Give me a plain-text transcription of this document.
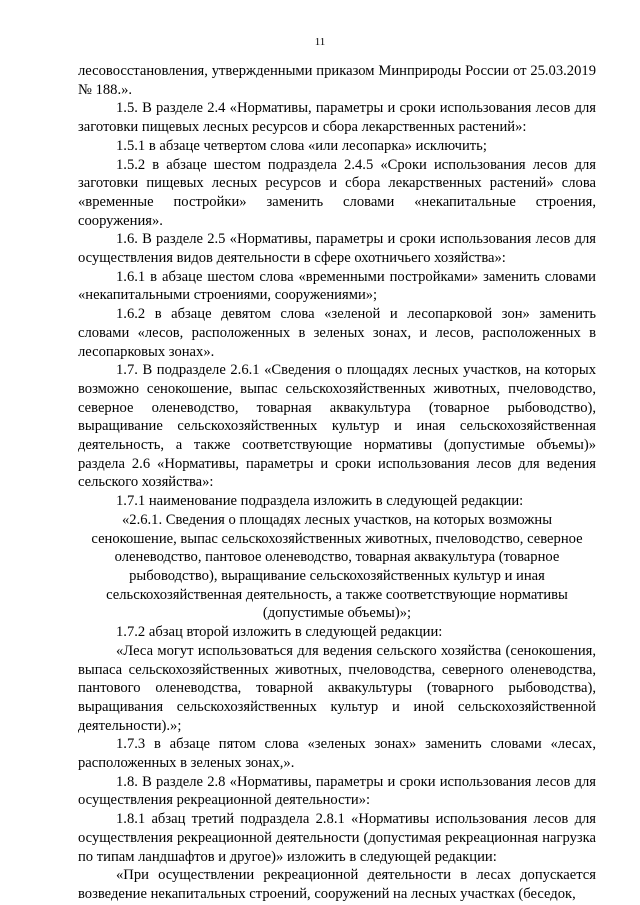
11

лесовосстановления, утвержденными приказом Минприроды России от 25.03.2019 № 188.».

1.5. В разделе 2.4 «Нормативы, параметры и сроки использования лесов для заготовки пищевых лесных ресурсов и сбора лекарственных растений»:

1.5.1 в абзаце четвертом слова «или лесопарка» исключить;

1.5.2 в абзаце шестом подраздела 2.4.5 «Сроки использования лесов для заготовки пищевых лесных ресурсов и сбора лекарственных растений» слова «временные постройки» заменить словами «некапитальные строения, сооружения».

1.6. В разделе 2.5 «Нормативы, параметры и сроки использования лесов для осуществления видов деятельности в сфере охотничьего хозяйства»:

1.6.1 в абзаце шестом слова «временными постройками» заменить словами «некапитальными строениями, сооружениями»;

1.6.2 в абзаце девятом слова «зеленой и лесопарковой зон» заменить словами «лесов, расположенных в зеленых зонах, и лесов, расположенных в лесопарковых зонах».

1.7. В подразделе 2.6.1 «Сведения о площадях лесных участков, на которых возможно сенокошение, выпас сельскохозяйственных животных, пчеловодство, северное оленеводство, товарная аквакультура (товарное рыбоводство), выращивание сельскохозяйственных культур и иная сельскохозяйственная деятельность, а также соответствующие нормативы (допустимые объемы)» раздела 2.6 «Нормативы, параметры и сроки использования лесов для ведения сельского хозяйства»:

1.7.1 наименование подраздела изложить в следующей редакции:

«2.6.1. Сведения о площадях лесных участков, на которых возможны сенокошение, выпас сельскохозяйственных животных, пчеловодство, северное оленеводство, пантовое оленеводство, товарная аквакультура (товарное рыбоводство), выращивание сельскохозяйственных культур и иная сельскохозяйственная деятельность, а также соответствующие нормативы (допустимые объемы)»;

1.7.2 абзац второй изложить в следующей редакции:

«Леса могут использоваться для ведения сельского хозяйства (сенокошения, выпаса сельскохозяйственных животных, пчеловодства, северного оленеводства, пантового оленеводства, товарной аквакультуры (товарного рыбоводства), выращивания сельскохозяйственных культур и иной сельскохозяйственной деятельности).»;

1.7.3 в абзаце пятом слова «зеленых зонах» заменить словами «лесах, расположенных в зеленых зонах,».

1.8. В разделе 2.8 «Нормативы, параметры и сроки использования лесов для осуществления рекреационной деятельности»:

1.8.1 абзац третий подраздела 2.8.1 «Нормативы использования лесов для осуществления рекреационной деятельности (допустимая рекреационная нагрузка по типам ландшафтов и другое)» изложить в следующей редакции:

«При осуществлении рекреационной деятельности в лесах допускается возведение некапитальных строений, сооружений на лесных участках (беседок,
